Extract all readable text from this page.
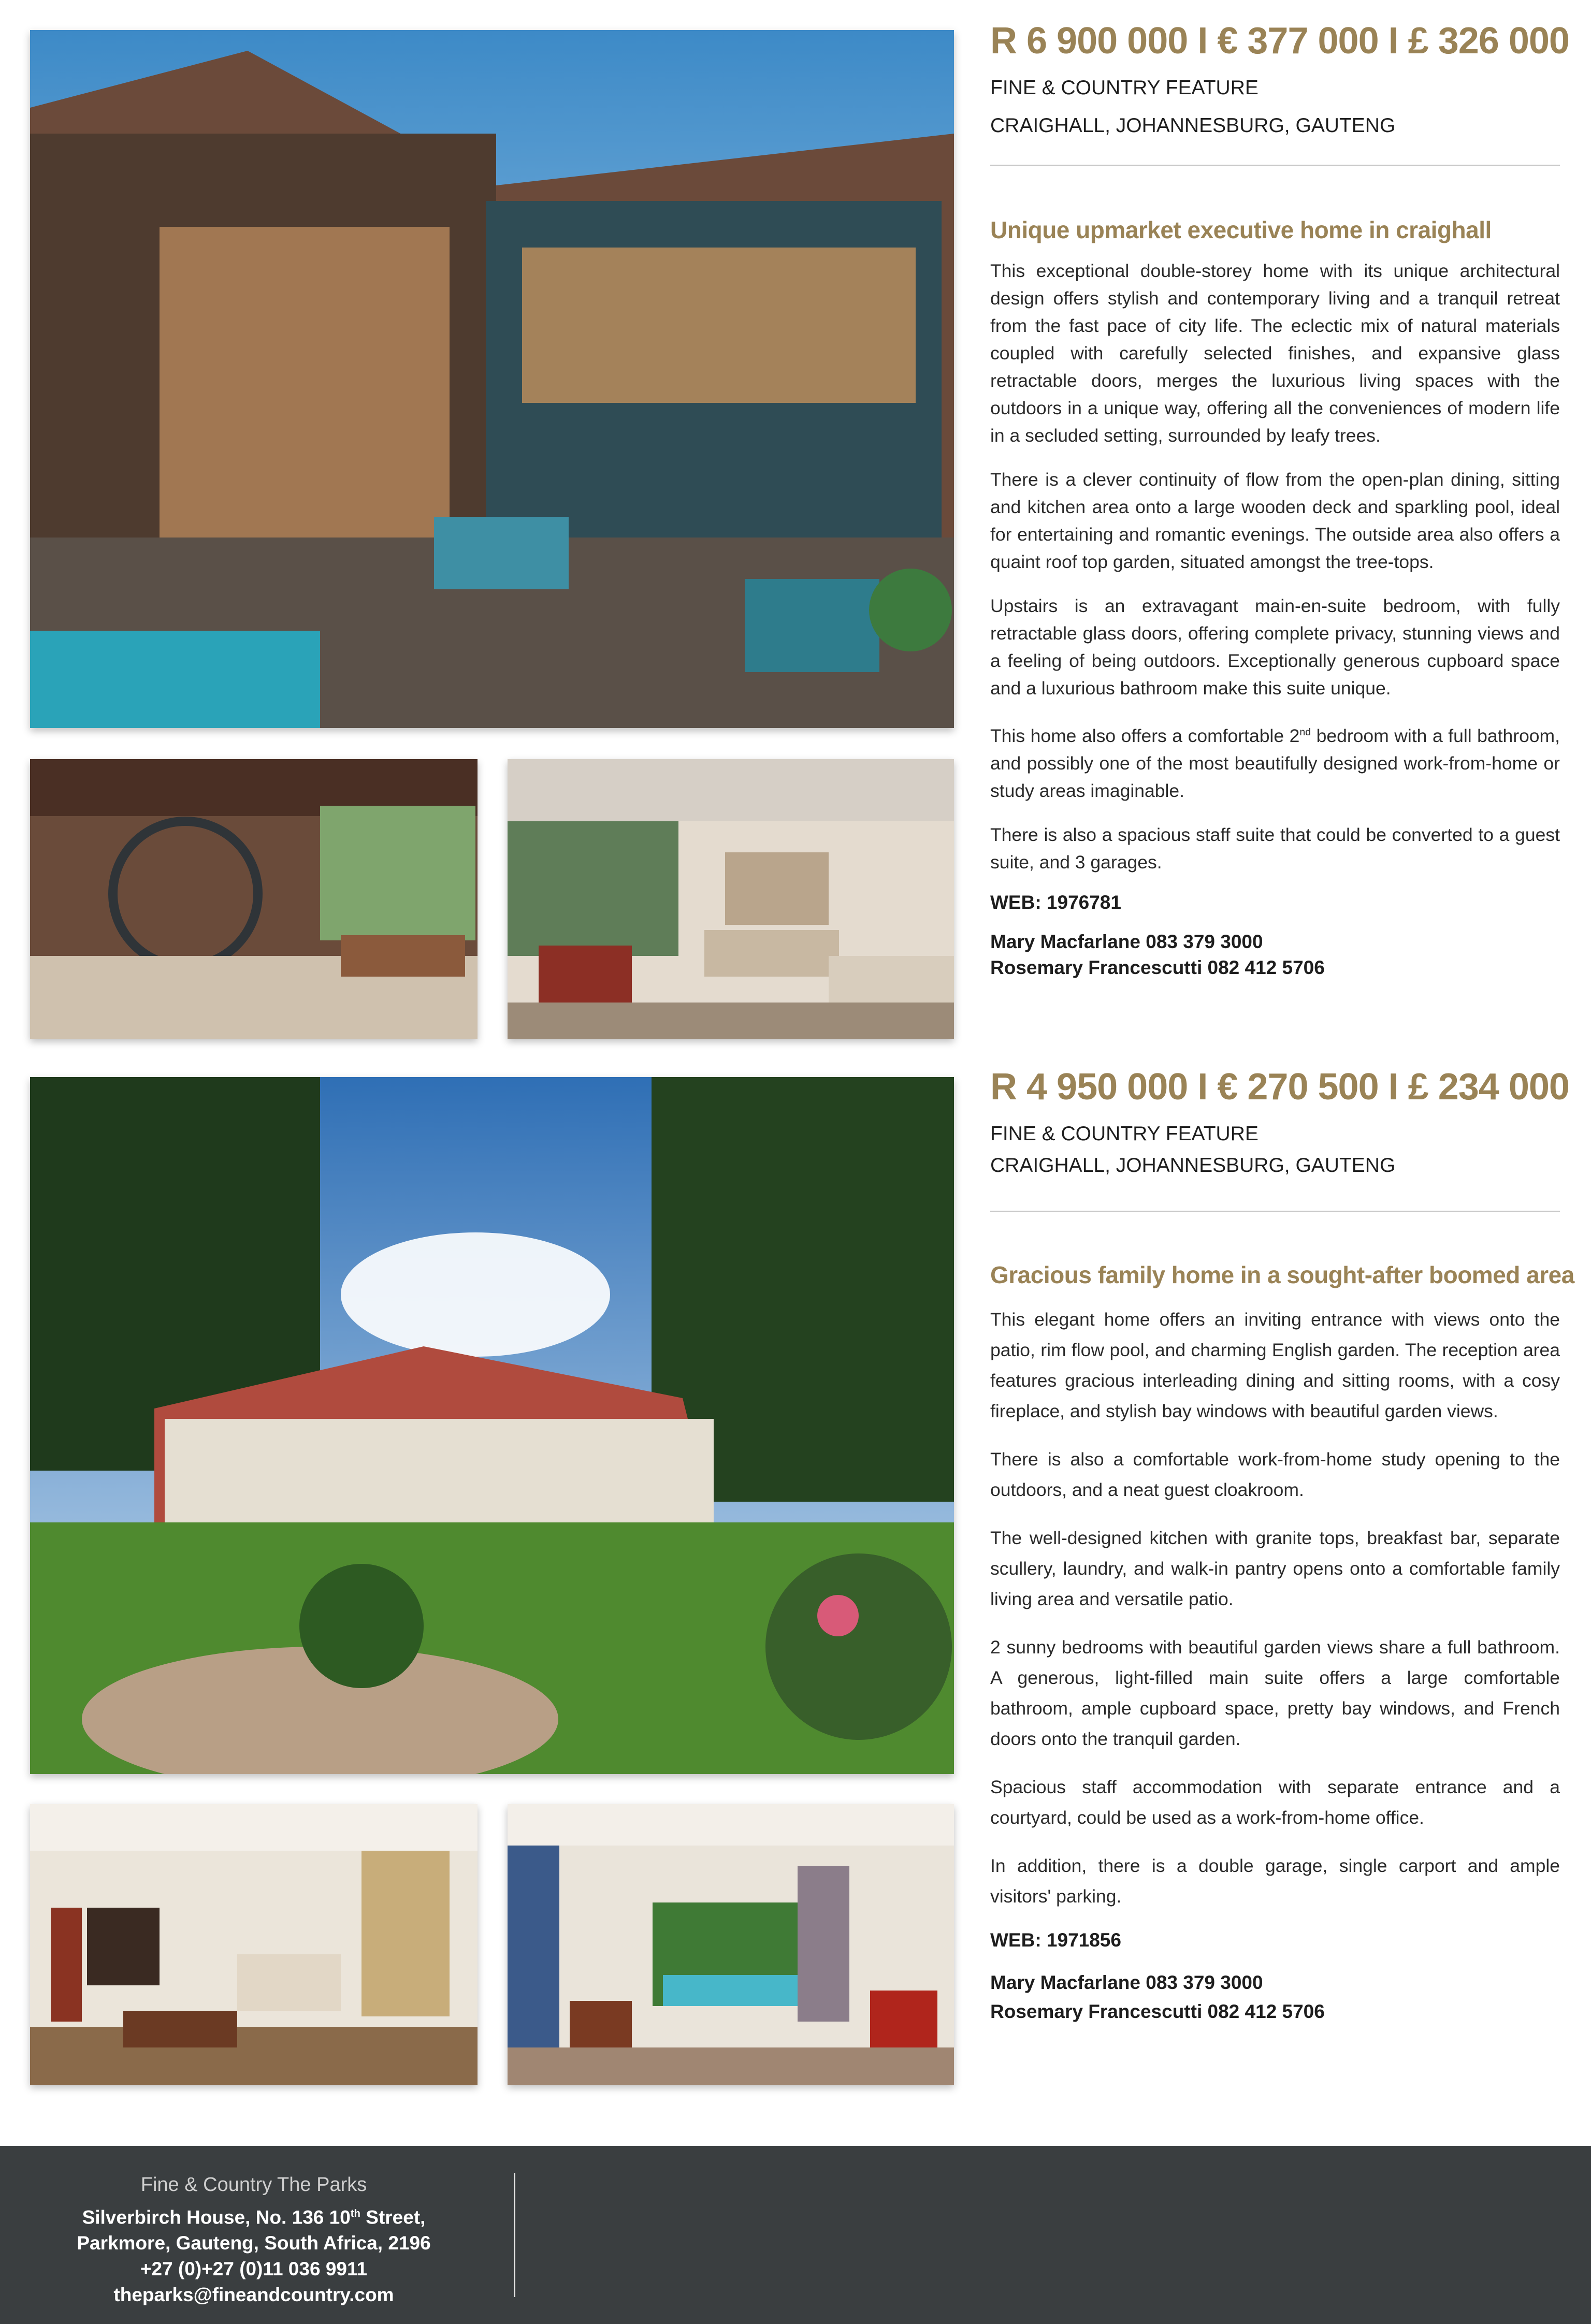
R 6 900 000 I € 377 000 I £ 326 000

FINE & COUNTRY FEATURE

CRAIGHALL, JOHANNESBURG, GAUTENG

Unique upmarket executive home in craighall

This exceptional double-storey home with its unique architectural design offers stylish and contemporary living and a tranquil retreat from the fast pace of city life. The eclectic mix of natural materials coupled with carefully selected finishes, and expansive glass retractable doors, merges the luxurious living spaces with the outdoors in a unique way, offering all the conveniences of modern life in a secluded setting, surrounded by leafy trees.

There is a clever continuity of flow from the open-plan dining, sitting and kitchen area onto a large wooden deck and sparkling pool, ideal for entertaining and romantic evenings. The outside area also offers a quaint roof top garden, situated amongst the tree-tops.

Upstairs is an extravagant main-en-suite bedroom, with fully retractable glass doors, offering complete privacy, stunning views and a feeling of being outdoors. Exceptionally generous cupboard space and a luxurious bathroom make this suite unique.

This home also offers a comfortable 2nd bedroom with a full bathroom, and possibly one of the most beautifully designed work-from-home or study areas imaginable.

There is also a spacious staff suite that could be converted to a guest suite, and 3 garages.

WEB: 1976781

Mary Macfarlane 083 379 3000

Rosemary Francescutti 082 412 5706

R 4 950 000 I € 270 500 I £ 234 000

FINE & COUNTRY FEATURE

CRAIGHALL, JOHANNESBURG, GAUTENG

Gracious family home in a sought-after boomed area

This elegant home offers an inviting entrance with views onto the patio, rim flow pool, and charming English garden. The reception area features gracious interleading dining and sitting rooms, with a cosy fireplace, and stylish bay windows with beautiful garden views.

There is also a comfortable work-from-home study opening to the outdoors, and a neat guest cloakroom.

The well-designed kitchen with granite tops, breakfast bar, separate scullery, laundry, and walk-in pantry opens onto a comfortable family living area and versatile patio.

2 sunny bedrooms with beautiful garden views share a full bathroom. A generous, light-filled main suite offers a large comfortable bathroom, ample cupboard space, pretty bay windows, and French doors onto the tranquil garden.

Spacious staff accommodation with separate entrance and a courtyard, could be used as a work-from-home office.

In addition, there is a double garage, single carport and ample visitors' parking.

WEB: 1971856

Mary Macfarlane 083 379 3000

Rosemary Francescutti 082 412 5706

Fine & Country The Parks
Silverbirch House, No. 136 10th Street,
Parkmore, Gauteng, South Africa, 2196
+27 (0)+27 (0)11 036 9911
theparks@fineandcountry.com
